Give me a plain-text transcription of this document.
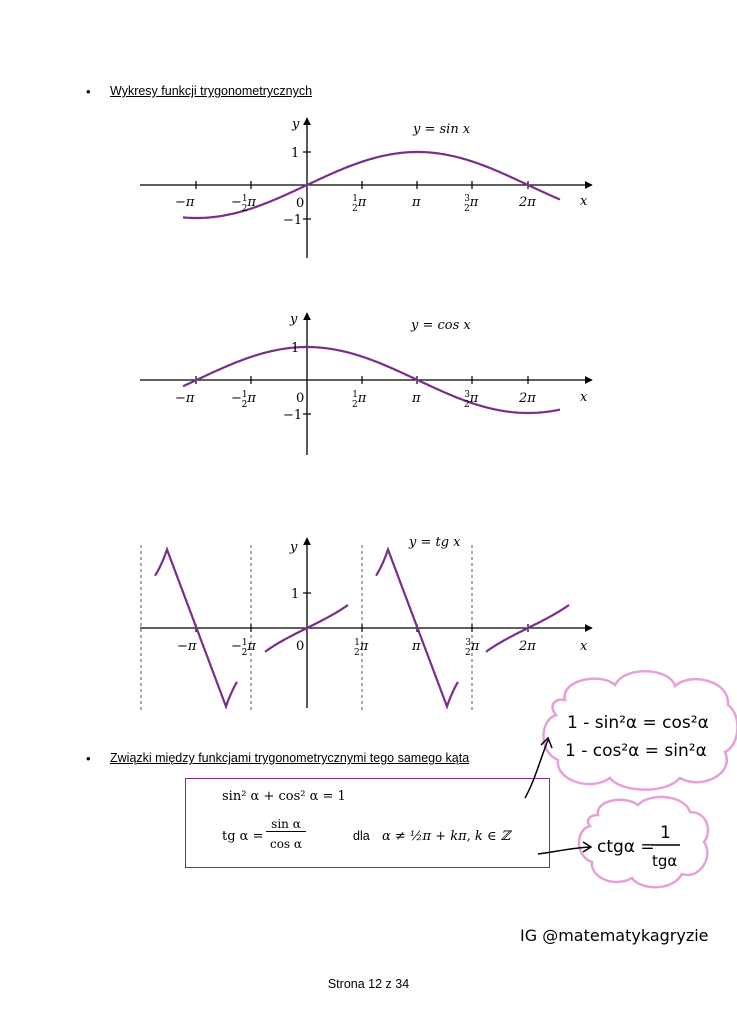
• Wykresy funkcji trygonometrycznych
y
x
1
−1
0
−π	−$^1$ 2π	$^1$ 2π	π	$^3$ 2π	2π
y = sin x
y
x
1
−1
0
−π	−$^1$ 2π	$^1$ 2π	π	$^3$ 2π	2π
y = cos x
y
x
1
0
−π	−$^1$ 2π	$^1$ 2π	π	$^3$ 2π	2π
y = tg x
• Związki między funkcjami trygonometrycznymi tego samego kąta
sin² α + cos² α = 1
tg α =
sin α
cos α
dla α ≠ ½π + kπ, k ∈ ℤ
1 - sin²α = cos²α
1 - cos²α = sin²α
ctgα =
1
tgα
IG @matematykagryzie
Strona 12 z 34
